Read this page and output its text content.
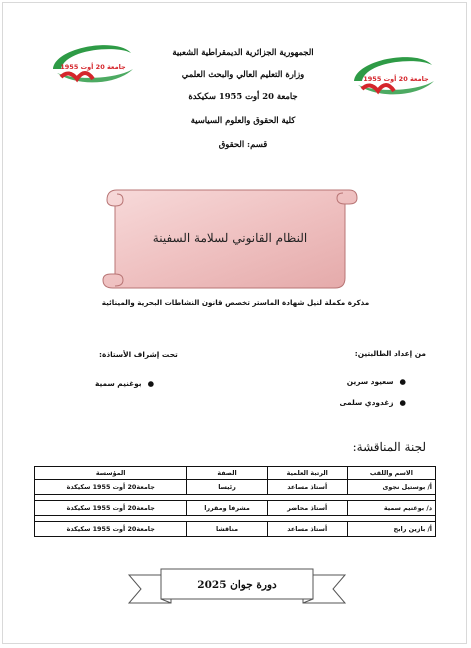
جامعة 20 أوت 1955
جامعة 20 أوت 1955
الجمهورية الجزائرية الديمقراطية الشعبية
وزارة التعليم العالي والبحث العلمي
جامعة 20 أوت 1955 سكيكدة
كلية الحقوق والعلوم السياسية
قسم: الحقوق
النظام القانوني لسلامة السفينة
مذكرة مكملة لنيل شهادة الماستر تخصص قانون النشاطات البحرية والمينائية
من إعداد الطالبتين:
●سعيود سرين
●زغدودي سلمى
تحت إشراف الأستاذة:
●بوغنيم سمية
لجنة المناقشة:
الاسم واللقب	الرتبة العلمية	الصفة	المؤسسة
أ/ بوستيل نجوى	أستاذ مساعد	رئيسا	جامعة20 أوت 1955 سكيكدة

د/ بوغنيم سمية	أستاذ محاضر	مشرفا ومقررا	جامعة20 أوت 1955 سكيكدة

أ/ بازين رابح	أستاذ مساعد	مناقشا	جامعة20 أوت 1955 سكيكدة
دورة جوان 2025
